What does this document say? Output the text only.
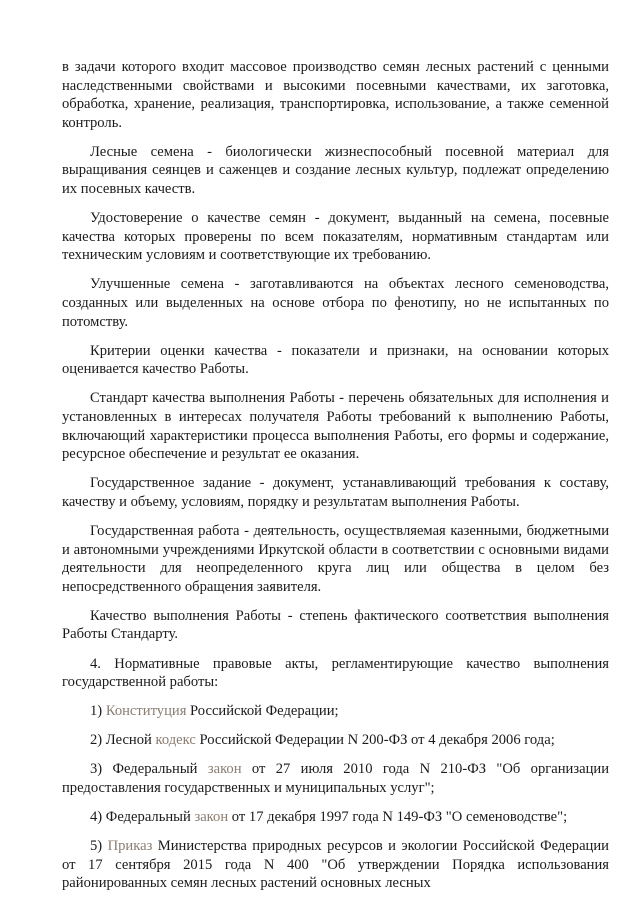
в задачи которого входит массовое производство семян лесных растений с ценными наследственными свойствами и высокими посевными качествами, их заготовка, обработка, хранение, реализация, транспортировка, использование, а также семенной контроль.

Лесные семена - биологически жизнеспособный посевной материал для выращивания сеянцев и саженцев и создание лесных культур, подлежат определению их посевных качеств.

Удостоверение о качестве семян - документ, выданный на семена, посевные качества которых проверены по всем показателям, нормативным стандартам или техническим условиям и соответствующие их требованию.

Улучшенные семена - заготавливаются на объектах лесного семеноводства, созданных или выделенных на основе отбора по фенотипу, но не испытанных по потомству.

Критерии оценки качества - показатели и признаки, на основании которых оценивается качество Работы.

Стандарт качества выполнения Работы - перечень обязательных для исполнения и установленных в интересах получателя Работы требований к выполнению Работы, включающий характеристики процесса выполнения Работы, его формы и содержание, ресурсное обеспечение и результат ее оказания.

Государственное задание - документ, устанавливающий требования к составу, качеству и объему, условиям, порядку и результатам выполнения Работы.

Государственная работа - деятельность, осуществляемая казенными, бюджетными и автономными учреждениями Иркутской области в соответствии с основными видами деятельности для неопределенного круга лиц или общества в целом без непосредственного обращения заявителя.

Качество выполнения Работы - степень фактического соответствия выполнения Работы Стандарту.

4. Нормативные правовые акты, регламентирующие качество выполнения государственной работы:

1) Конституция Российской Федерации;

2) Лесной кодекс Российской Федерации N 200-ФЗ от 4 декабря 2006 года;

3) Федеральный закон от 27 июля 2010 года N 210-ФЗ "Об организации предоставления государственных и муниципальных услуг";

4) Федеральный закон от 17 декабря 1997 года N 149-ФЗ "О семеноводстве";

5) Приказ Министерства природных ресурсов и экологии Российской Федерации от 17 сентября 2015 года N 400 "Об утверждении Порядка использования районированных семян лесных растений основных лесных
